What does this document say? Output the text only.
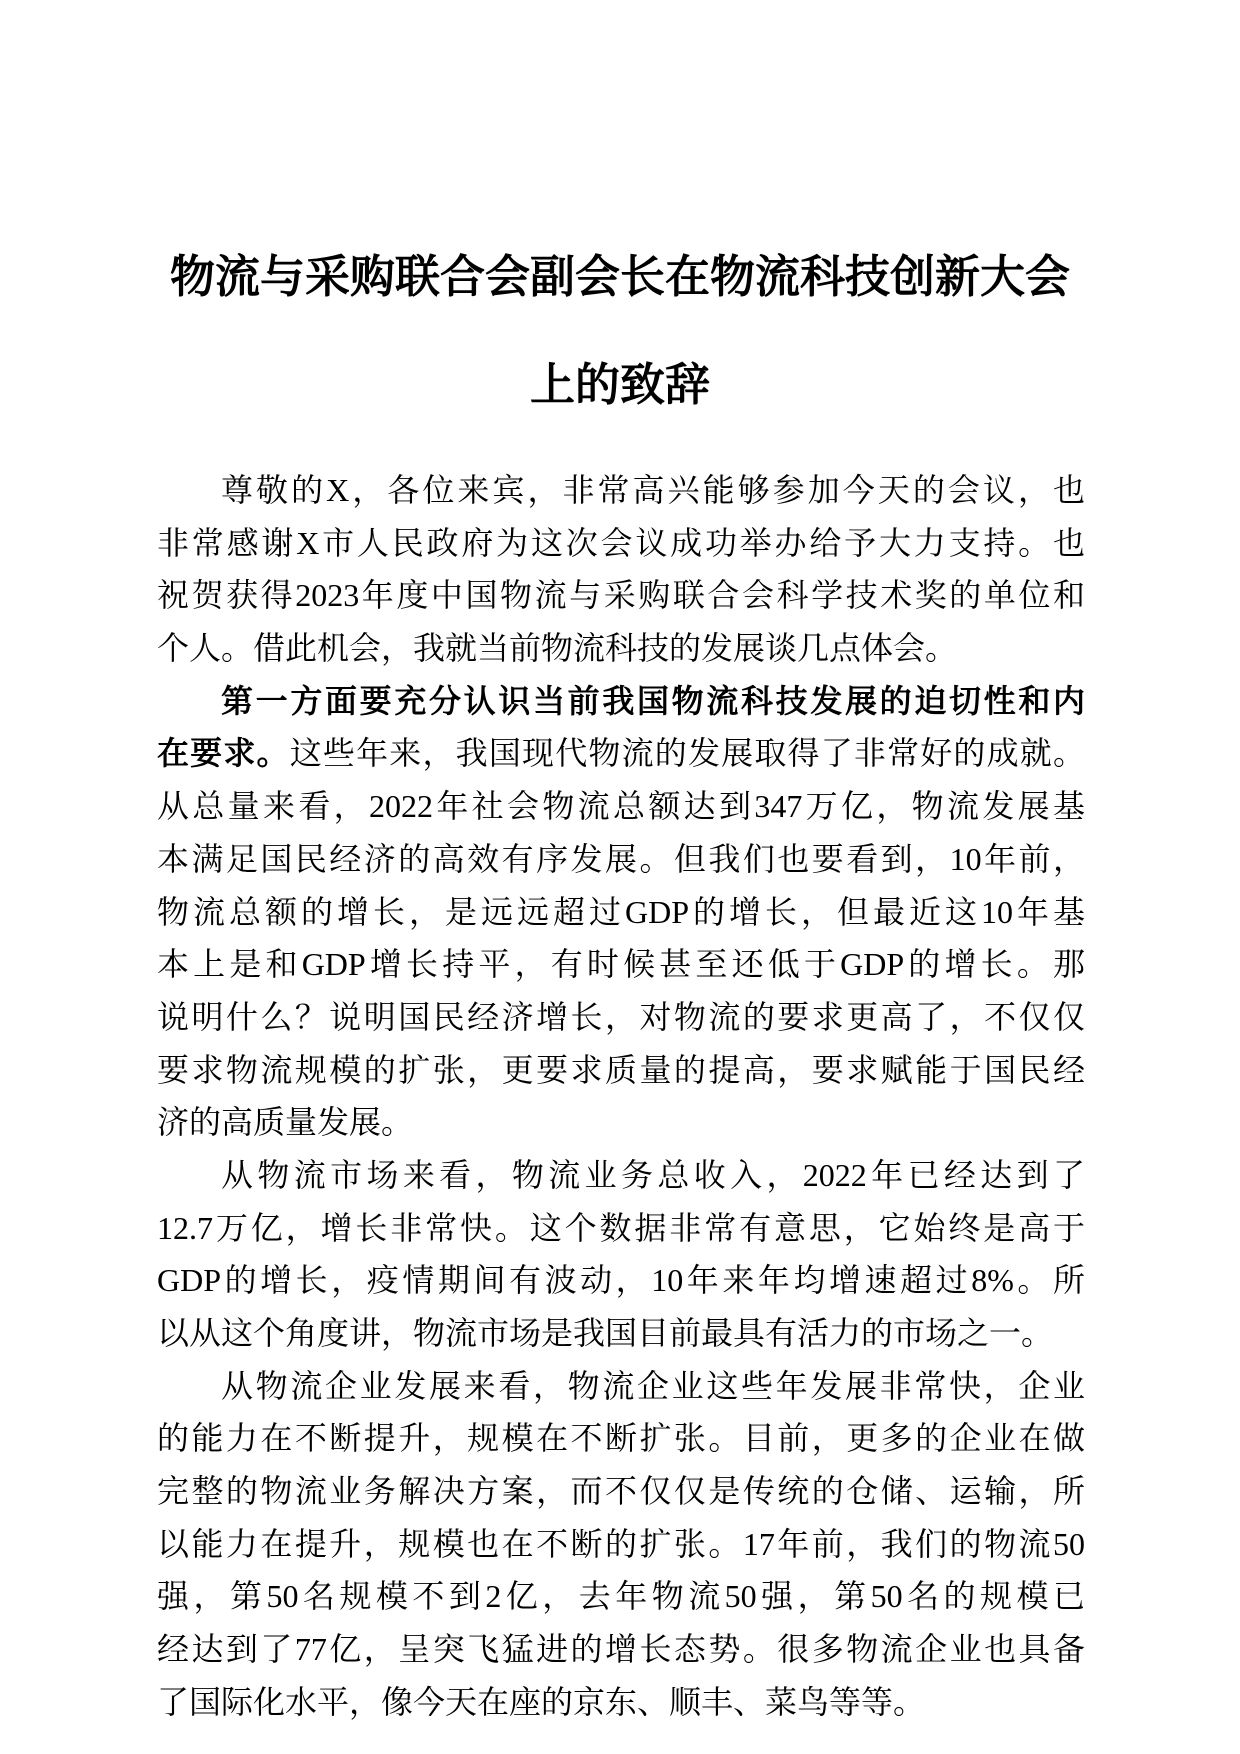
物流与采购联合会副会长在物流科技创新大会
上的致辞
尊敬的X，各位来宾，非常高兴能够参加今天的会议，也
非常感谢X市人民政府为这次会议成功举办给予大力支持。也
祝贺获得2023年度中国物流与采购联合会科学技术奖的单位和
个人。借此机会，我就当前物流科技的发展谈几点体会。
第一方面要充分认识当前我国物流科技发展的迫切性和内
在要求。这些年来，我国现代物流的发展取得了非常好的成就。
从总量来看，2022年社会物流总额达到347万亿，物流发展基
本满足国民经济的高效有序发展。但我们也要看到，10年前，
物流总额的增长，是远远超过GDP的增长，但最近这10年基
本上是和GDP增长持平，有时候甚至还低于GDP的增长。那
说明什么？说明国民经济增长，对物流的要求更高了，不仅仅
要求物流规模的扩张，更要求质量的提高，要求赋能于国民经
济的高质量发展。
从物流市场来看，物流业务总收入，2022年已经达到了
12.7万亿，增长非常快。这个数据非常有意思，它始终是高于
GDP的增长，疫情期间有波动，10年来年均增速超过8%。所
以从这个角度讲，物流市场是我国目前最具有活力的市场之一。
从物流企业发展来看，物流企业这些年发展非常快，企业
的能力在不断提升，规模在不断扩张。目前，更多的企业在做
完整的物流业务解决方案，而不仅仅是传统的仓储、运输，所
以能力在提升，规模也在不断的扩张。17年前，我们的物流50
强，第50名规模不到2亿，去年物流50强，第50名的规模已
经达到了77亿，呈突飞猛进的增长态势。很多物流企业也具备
了国际化水平，像今天在座的京东、顺丰、菜鸟等等。
